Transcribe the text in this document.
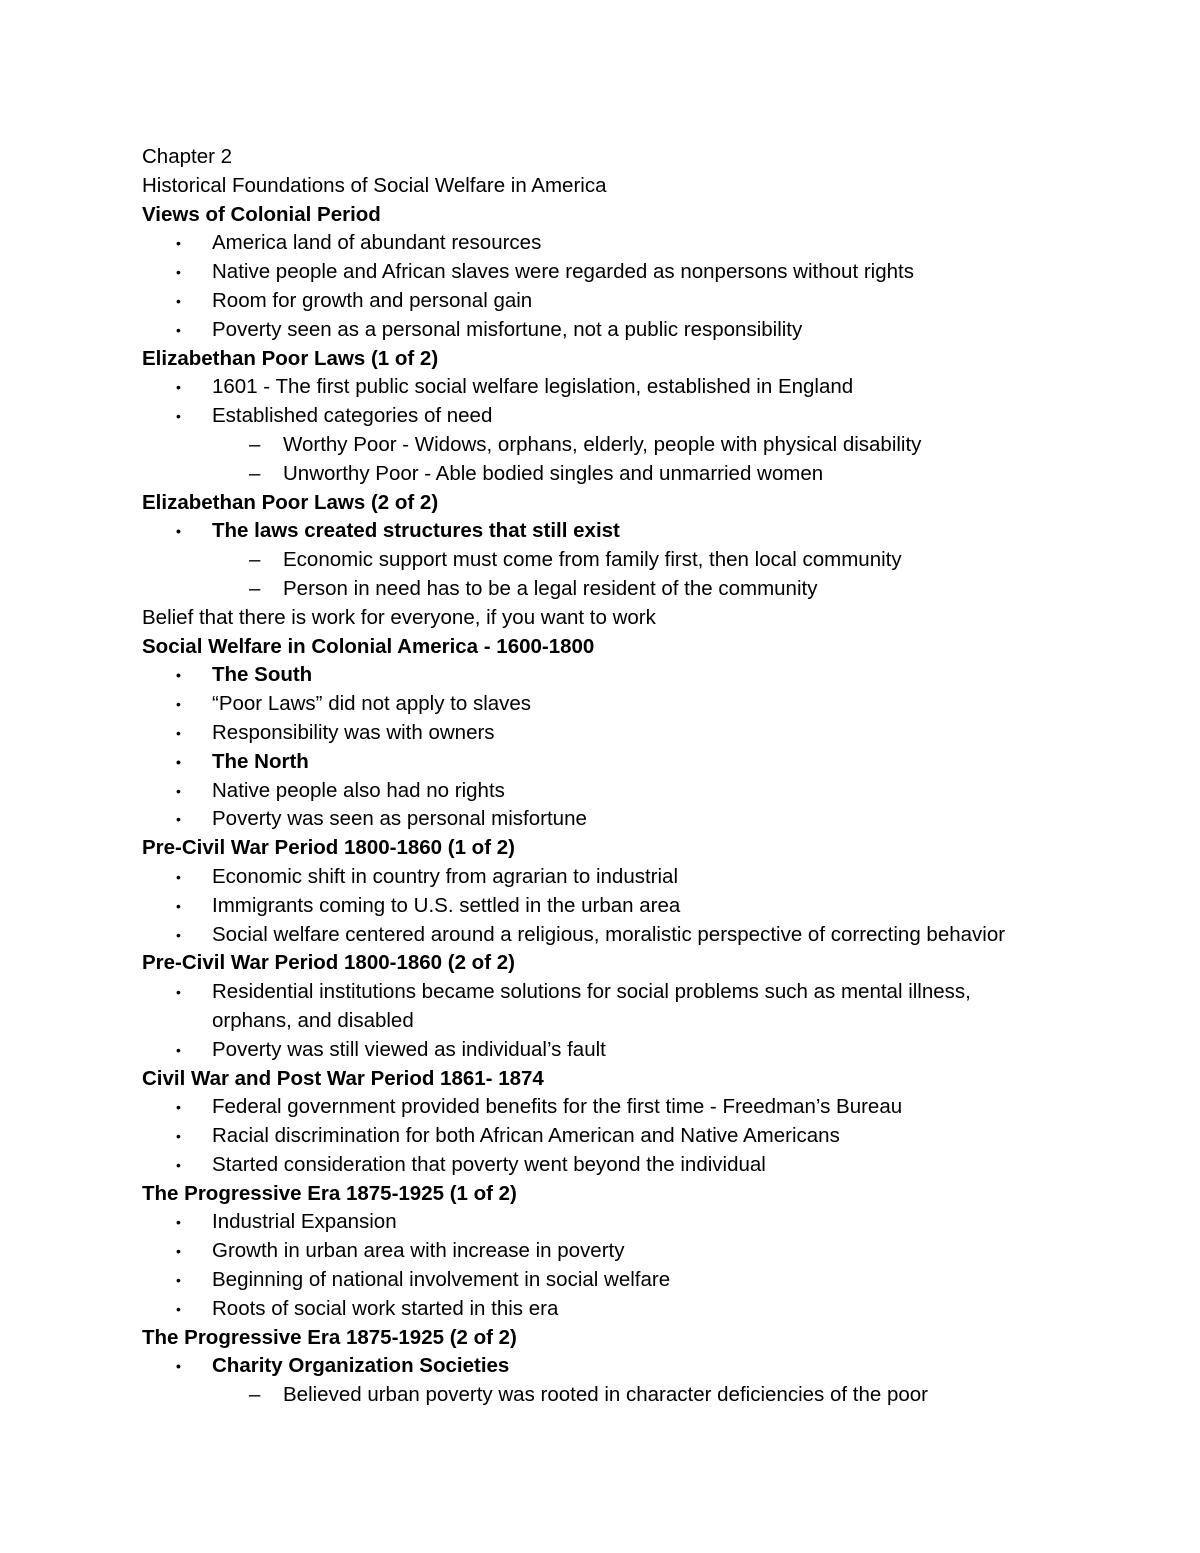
Chapter 2
Historical Foundations of Social Welfare in America
Views of Colonial Period
• America land of abundant resources
• Native people and African slaves were regarded as nonpersons without rights
• Room for growth and personal gain
• Poverty seen as a personal misfortune, not a public responsibility
Elizabethan Poor Laws (1 of 2)
• 1601 - The first public social welfare legislation, established in England
• Established categories of need
– Worthy Poor - Widows, orphans, elderly, people with physical disability
– Unworthy Poor - Able bodied singles and unmarried women
Elizabethan Poor Laws (2 of 2)
• The laws created structures that still exist
– Economic support must come from family first, then local community
– Person in need has to be a legal resident of the community
Belief that there is work for everyone, if you want to work
Social Welfare in Colonial America - 1600-1800
• The South
• “Poor Laws” did not apply to slaves
• Responsibility was with owners
• The North
• Native people also had no rights
• Poverty was seen as personal misfortune
Pre-Civil War Period 1800-1860 (1 of 2)
• Economic shift in country from agrarian to industrial
• Immigrants coming to U.S. settled in the urban area
• Social welfare centered around a religious, moralistic perspective of correcting behavior
Pre-Civil War Period 1800-1860 (2 of 2)
• Residential institutions became solutions for social problems such as mental illness,
orphans, and disabled
• Poverty was still viewed as individual’s fault
Civil War and Post War Period 1861- 1874
• Federal government provided benefits for the first time - Freedman’s Bureau
• Racial discrimination for both African American and Native Americans
• Started consideration that poverty went beyond the individual
The Progressive Era 1875-1925 (1 of 2)
• Industrial Expansion
• Growth in urban area with increase in poverty
• Beginning of national involvement in social welfare
• Roots of social work started in this era
The Progressive Era 1875-1925 (2 of 2)
• Charity Organization Societies
– Believed urban poverty was rooted in character deficiencies of the poor
